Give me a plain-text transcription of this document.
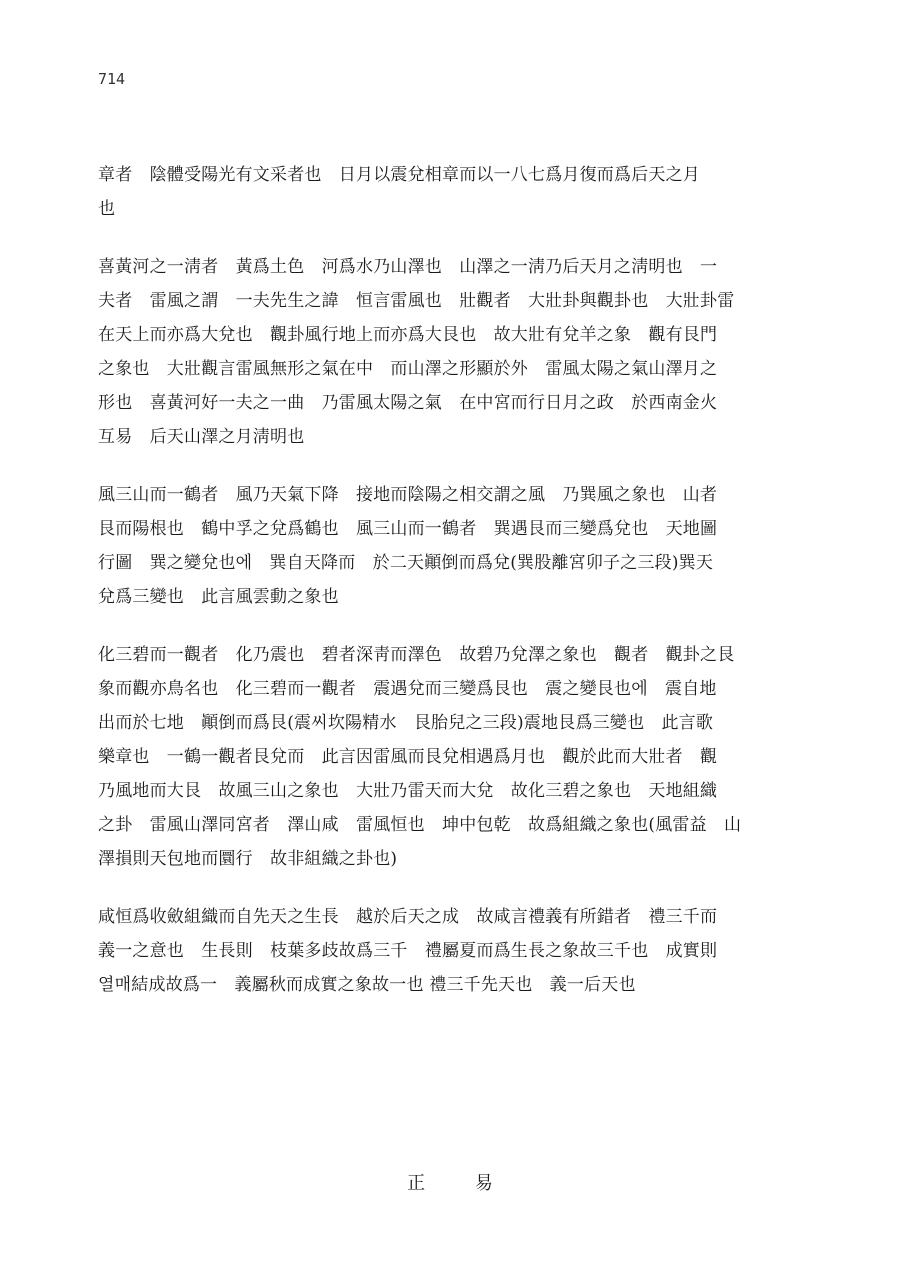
714
章者　陰體受陽光有文采者也　日月以震兌相章而以一八七爲月復而爲后天之月
也
喜黃河之一淸者　黃爲土色　河爲水乃山澤也　山澤之一淸乃后天月之淸明也　一
夫者　雷風之謂　一夫先生之諱　恒言雷風也　壯觀者　大壯卦與觀卦也　大壯卦雷
在天上而亦爲大兌也　觀卦風行地上而亦爲大艮也　故大壯有兌羊之象　觀有艮門
之象也　大壯觀言雷風無形之氣在中　而山澤之形顯於外　雷風太陽之氣山澤月之
形也　喜黃河好一夫之一曲　乃雷風太陽之氣　在中宮而行日月之政　於西南金火
互易　后天山澤之月淸明也
風三山而一鶴者　風乃天氣下降　接地而陰陽之相交謂之風　乃巽風之象也　山者
艮而陽根也　鶴中孚之兌爲鶴也　風三山而一鶴者　巽遇艮而三變爲兌也　天地圖
行圖　巽之變兌也에　巽自天降而　於二天顚倒而爲兌(巽股離宮卯子之三段)巽天
兌爲三變也　此言風雲動之象也
化三碧而一觀者　化乃震也　碧者深靑而澤色　故碧乃兌澤之象也　觀者　觀卦之艮
象而觀亦鳥名也　化三碧而一觀者　震遇兌而三變爲艮也　震之變艮也에　震自地
出而於七地　顚倒而爲艮(震씨坎陽精水　艮胎兒之三段)震地艮爲三變也　此言歌
樂章也　一鶴一觀者艮兌而　此言因雷風而艮兌相遇爲月也　觀於此而大壯者　觀
乃風地而大艮　故風三山之象也　大壯乃雷天而大兌　故化三碧之象也　天地組織
之卦　雷風山澤同宮者　澤山咸　雷風恒也　坤中包乾　故爲組織之象也(風雷益　山
澤損則天包地而圜行　故非組織之卦也)
咸恒爲收斂組織而自先天之生長　越於后天之成　故咸言禮義有所錯者　禮三千而
義一之意也　生長則　枝葉多歧故爲三千　禮屬夏而爲生長之象故三千也　成實則
열매結成故爲一　義屬秋而成實之象故一也 禮三千先天也　義一后天也
正 易
